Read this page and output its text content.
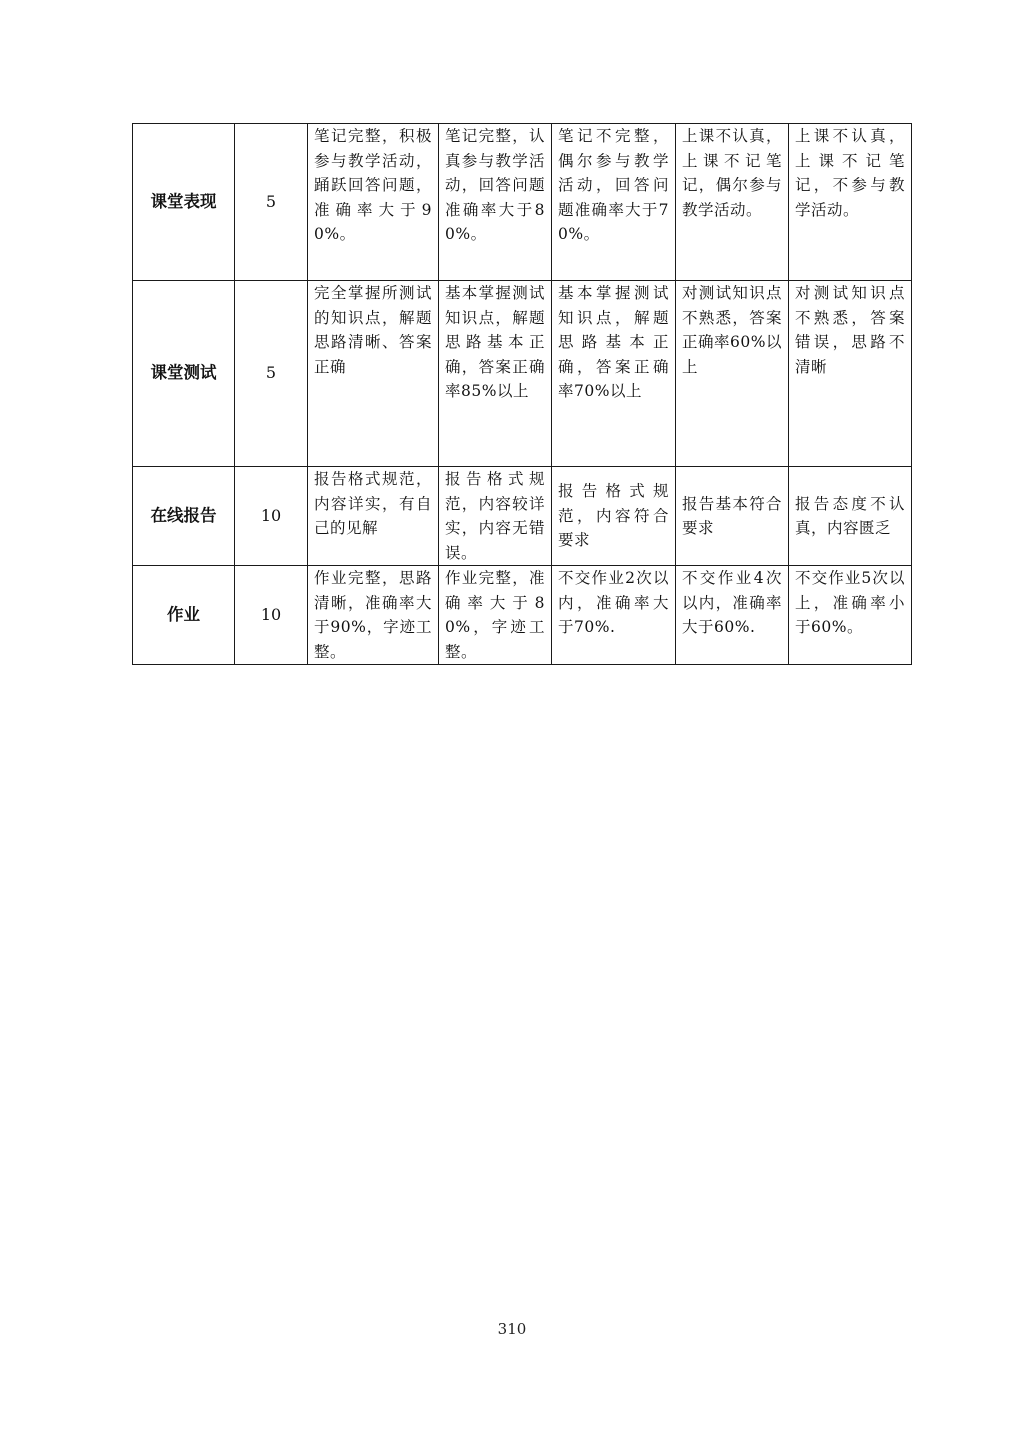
课堂表现	5	笔记完整，积极参与教学活动，踊跃回答问题，准确率大于90%。	笔记完整，认真参与教学活动，回答问题准确率大于80%。	笔记不完整，偶尔参与教学活动，回答问题准确率大于70%。	上课不认真，上课不记笔记，偶尔参与教学活动。	上课不认真，上课不记笔记，不参与教学活动。
课堂测试	5	完全掌握所测试的知识点，解题思路清晰、答案正确	基本掌握测试知识点，解题思路基本正确，答案正确率85%以上	基本掌握测试知识点，解题思路基本正确，答案正确率70%以上	对测试知识点不熟悉，答案正确率60%以上	对测试知识点不熟悉，答案错误，思路不清晰
在线报告	10	报告格式规范，内容详实，有自己的见解	报告格式规范，内容较详实，内容无错误。	报告格式规范，内容符合要求	报告基本符合要求	报告态度不认真，内容匮乏
作业	10	作业完整，思路清晰，准确率大于90%，字迹工整。	作业完整，准确率大于80%，字迹工整。	不交作业2次以内，准确率大于70%.	不交作业4次以内，准确率大于60%.	不交作业5次以上，准确率小于60%。
310
